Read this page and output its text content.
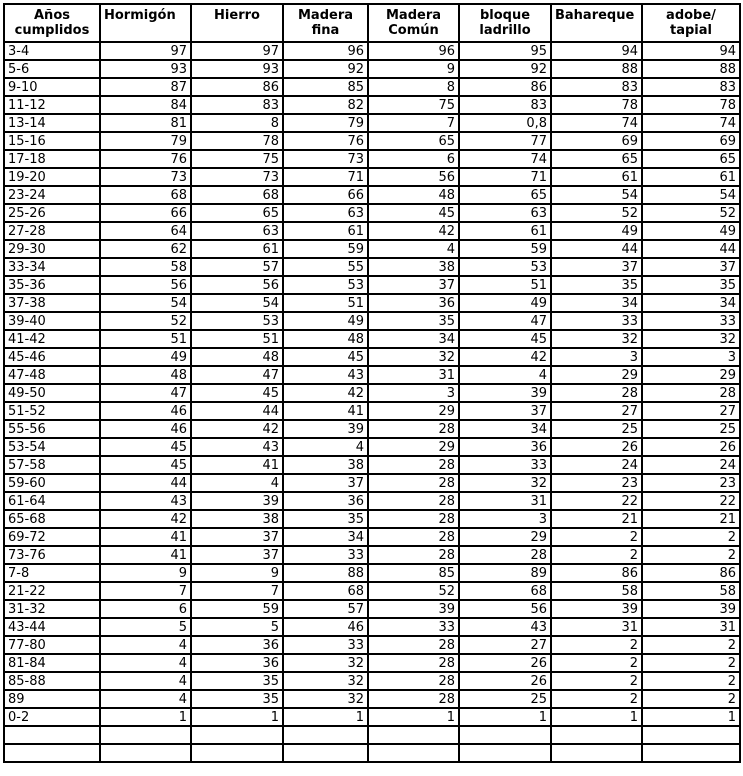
Años cumplidos	Hormigón	Hierro	Madera fina	Madera Común	bloque ladrillo	Bahareque	adobe/ tapial
3-4	97	97	96	96	95	94	94
5-6	93	93	92	9	92	88	88
9-10	87	86	85	8	86	83	83
11-12	84	83	82	75	83	78	78
13-14	81	8	79	7	0,8	74	74
15-16	79	78	76	65	77	69	69
17-18	76	75	73	6	74	65	65
19-20	73	73	71	56	71	61	61
23-24	68	68	66	48	65	54	54
25-26	66	65	63	45	63	52	52
27-28	64	63	61	42	61	49	49
29-30	62	61	59	4	59	44	44
33-34	58	57	55	38	53	37	37
35-36	56	56	53	37	51	35	35
37-38	54	54	51	36	49	34	34
39-40	52	53	49	35	47	33	33
41-42	51	51	48	34	45	32	32
45-46	49	48	45	32	42	3	3
47-48	48	47	43	31	4	29	29
49-50	47	45	42	3	39	28	28
51-52	46	44	41	29	37	27	27
55-56	46	42	39	28	34	25	25
53-54	45	43	4	29	36	26	26
57-58	45	41	38	28	33	24	24
59-60	44	4	37	28	32	23	23
61-64	43	39	36	28	31	22	22
65-68	42	38	35	28	3	21	21
69-72	41	37	34	28	29	2	2
73-76	41	37	33	28	28	2	2
7-8	9	9	88	85	89	86	86
21-22	7	7	68	52	68	58	58
31-32	6	59	57	39	56	39	39
43-44	5	5	46	33	43	31	31
77-80	4	36	33	28	27	2	2
81-84	4	36	32	28	26	2	2
85-88	4	35	32	28	26	2	2
89	4	35	32	28	25	2	2
0-2	1	1	1	1	1	1	1
